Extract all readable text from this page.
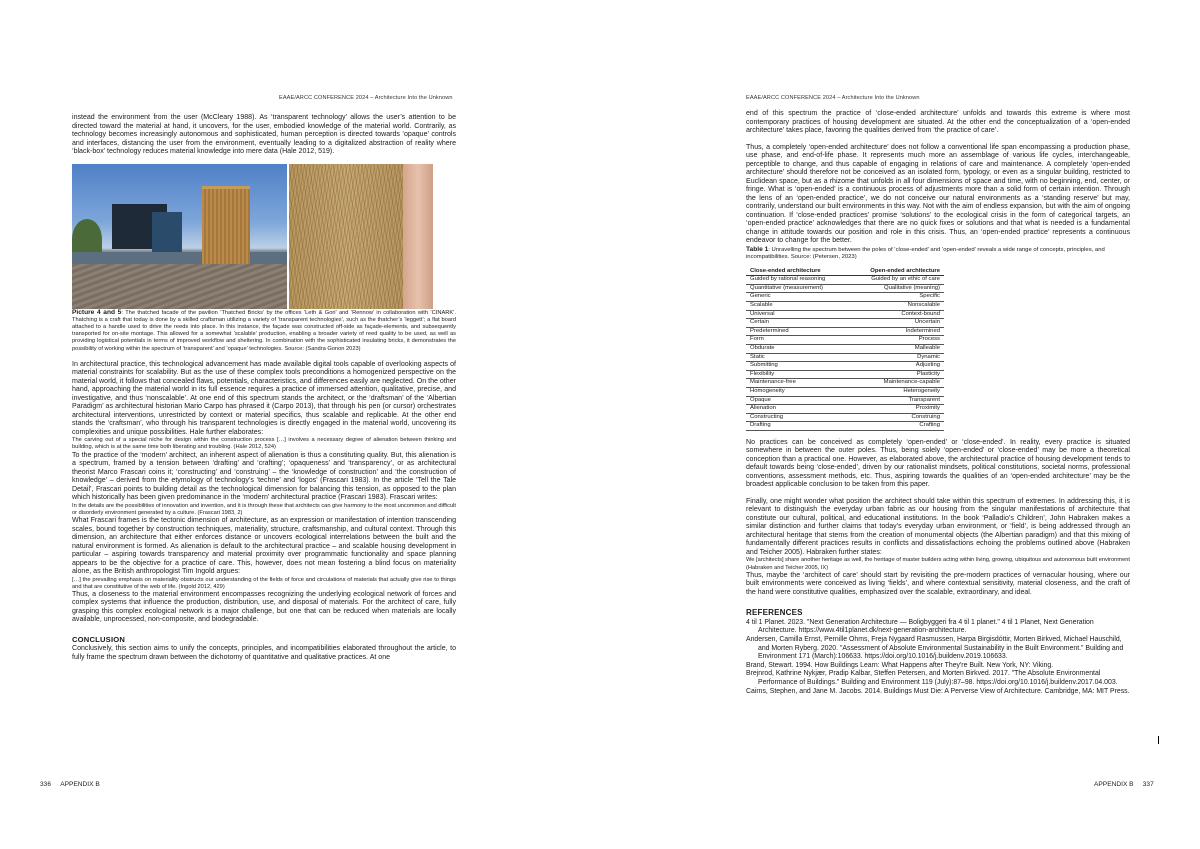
EAAE/ARCC CONFERENCE 2024 – Architecture Into the Unknown

instead the environment from the user (McCleary 1988). As ‘transparent technology’ allows the user’s attention to be directed toward the material at hand, it uncovers, for the user, embodied knowledge of the material world. Contrarily, as technology becomes increasingly autonomous and sophisticated, human perception is directed towards ‘opaque’ controls and interfaces, distancing the user from the environment, eventually leading to a digitalized abstraction of reality where ‘black-box’ technology reduces material knowledge into mere data (Hale 2012, 519).

Picture 4 and 5: The thatched facade of the pavilion ‘Thatched Bricks’ by the offices ‘Leth & Gori’ and ‘Rennow’ in collaboration with ‘CINARK’. Thatching is a craft that today is done by a skilled craftsman utilizing a variety of ‘transparent technologies’, such as the thatcher’s ‘leggett’; a flat board attached to a handle used to drive the reeds into place. In this instance, the façade was constructed off-side as façade-elements, and subsequently transported for on-site montage. This allowed for a somewhat ‘scalable’ production, enabling a broader variety of reed quality to be used, as well as providing logistical potentials in terms of improved workflow and sheltering. In combination with the sophisticated insulating bricks, it demonstrates the possibility of working within the spectrum of ‘transparent’ and ‘opaque’ technologies. Source: (Sandra Gonon 2023)

In architectural practice, this technological advancement has made available digital tools capable of overlooking aspects of material constraints for scalability. But as the use of these complex tools preconditions a homogenized perspective on the material world, it follows that concealed flaws, potentials, characteristics, and differences easily are neglected. On the other hand, approaching the material world in its full essence requires a practice of immersed attention, qualitative, precise, and investigative, and thus ‘nonscalable’. At one end of this spectrum stands the architect, or the ‘draftsman’ of the ‘Albertian Paradigm’ as architectural historian Mario Carpo has phrased it (Carpo 2013), that through his pen (or cursor) orchestrates architectural interventions, unrestricted by context or material specifics, thus scalable and replicable. At the other end stands the ‘craftsman’, who through his transparent technologies is directly engaged in the material world, uncovering its complexities and unique possibilities. Hale further elaborates:

The carving out of a special niche for design within the construction process […] involves a necessary degree of alienation between thinking and building, which is at the same time both liberating and troubling. (Hale 2012, 524)

To the practice of the ‘modern’ architect, an inherent aspect of alienation is thus a constituting quality. But, this alienation is a spectrum, framed by a tension between ‘drafting’ and ‘crafting’; ‘opaqueness’ and ‘transparency’, or as architectural theorist Marco Frascari coins it; ‘constructing’ and ‘construing’ – the ‘knowledge of construction’ and ‘the construction of knowledge’ – derived from the etymology of technology’s ‘techne’ and ‘logos’ (Frascari 1983). In the article ‘Tell the Tale Detail’, Frascari points to building detail as the technological dimension for balancing this tension, as opposed to the plan which historically has been given predominance in the ‘modern’ architectural practice (Frascari 1983). Frascari writes:

In the details are the possibilities of innovation and invention, and it is through these that architects can give harmony to the most uncommon and difficult or disorderly environment generated by a culture. (Frascari 1983, 2)

What Frascari frames is the tectonic dimension of architecture, as an expression or manifestation of intention transcending scales, bound together by construction techniques, materiality, structure, craftsmanship, and cultural context. Through this dimension, an architecture that either enforces distance or uncovers ecological interrelations between the built and the natural environment is formed. As alienation is default to the architectural practice – and scalable housing development in particular – aspiring towards transparency and material proximity over programmatic functionality and space planning appears to be the objective for a practice of care. This, however, does not mean fostering a blind focus on materiality alone, as the British anthropologist Tim Ingold argues:

[…] the prevailing emphasis on materiality obstructs our understanding of the fields of force and circulations of materials that actually give rise to things and that are constitutive of the web of life. (Ingold 2012, 429)

Thus, a closeness to the material environment encompasses recognizing the underlying ecological network of forces and complex systems that influence the production, distribution, use, and disposal of materials. For the architect of care, fully grasping this complex ecological network is a major challenge, but one that can be reduced when materials are locally available, unprocessed, non-composite, and biodegradable.

CONCLUSION

Conclusively, this section aims to unify the concepts, principles, and incompatibilities elaborated throughout the article, to fully frame the spectrum drawn between the dichotomy of quantitative and qualitative practices. At one

336 APPENDIX B
EAAE/ARCC CONFERENCE 2024 – Architecture Into the Unknown

end of this spectrum the practice of ‘close-ended architecture’ unfolds and towards this extreme is where most contemporary practices of housing development are situated. At the other end the conceptualization of a ‘open-ended architecture’ takes place, favoring the qualities derived from ‘the practice of care’.

Thus, a completely ‘open-ended architecture’ does not follow a conventional life span encompassing a production phase, use phase, and end-of-life phase. It represents much more an assemblage of various life cycles, interchangeable, perceptible to change, and thus capable of engaging in relations of care and maintenance. A completely ‘open-ended architecture’ should therefore not be conceived as an isolated form, typology, or even as a singular building, restricted to Euclidean space, but as a rhizome that unfolds in all four dimensions of space and time, with no beginning, end, center, or fringe. What is ‘open-ended’ is a continuous process of adjustments more than a solid form of certain intention. Through the lens of an ‘open-ended practice’, we do not conceive our natural environments as a ‘standing reserve’ but may, contrarily, understand our built environments in this way. Not with the aim of endless expansion, but with the aim of ongoing continuation. If ‘close-ended practices’ promise ‘solutions’ to the ecological crisis in the form of categorical targets, an ‘open-ended practice’ acknowledges that there are no quick fixes or solutions and that what is needed is a fundamental change in attitude towards our position and role in this crisis. Thus, an ‘open-ended practice’ represents a continuous endeavor to change for the better.

Table 1: Unravelling the spectrum between the poles of ‘close-ended’ and ‘open-ended’ reveals a wide range of concepts, principles, and incompatibilities. Source: (Petersen, 2023)

Close-ended architecture	Open-ended architecture
Guided by rational reasoning	Guided by an ethic of care
Quantitative (measurement)	Qualitative (meaning)
Generic	Specific
Scalable	Nonscalable
Universal	Context-bound
Certain	Uncertain
Predetermined	Indetermined
Form	Process
Obdurate	Malleable
Static	Dynamic
Submitting	Adjusting
Flexibility	Plasticity
Maintenance-free	Maintenance-capable
Homogeneity	Heterogeneity
Opaque	Transparent
Alienation	Proximity
Constructing	Construing
Drafting	Crafting

No practices can be conceived as completely ‘open-ended’ or ‘close-ended’. In reality, every practice is situated somewhere in between the outer poles. Thus, being solely ‘open-ended’ or ‘close-ended’ may be more a theoretical conception than a practical one. However, as elaborated above, the architectural practice of housing development tends to default towards being ‘close-ended’, driven by our rationalist mindsets, political constitutions, societal norms, professional conventions, assessment methods, etc. Thus, aspiring towards the qualities of an ‘open-ended architecture’ may be the broadest applicable conclusion to be taken from this paper.

Finally, one might wonder what position the architect should take within this spectrum of extremes. In addressing this, it is relevant to distinguish the everyday urban fabric as our housing from the singular manifestations of architecture that constitute our cultural, political, and educational institutions. In the book ‘Palladio’s Children’, John Habraken makes a similar distinction and further claims that today’s everyday urban environment, or ‘field’, is being addressed through an architectural heritage that stems from the creation of monumental objects (the Albertian paradigm) and that this mixing of fundamentally different practices results in conflicts and dissatisfactions echoing the problems outlined above (Habraken and Teicher 2005). Habraken further states:

We [architects] share another heritage as well, the heritage of master builders acting within living, growing, ubiquitous and autonomous built environment (Habraken and Teicher 2005, IX)

Thus, maybe the ‘architect of care’ should start by revisiting the pre-modern practices of vernacular housing, where our built environments were conceived as living ‘fields’, and where contextual sensitivity, material closeness, and the craft of the hand were constitutive qualities, emphasized over the scalable, extraordinary, and ideal.

REFERENCES

4 til 1 Planet. 2023. "Next Generation Architecture — Boligbyggeri fra 4 til 1 planet." 4 til 1 Planet, Next Generation Architecture. https://www.4til1planet.dk/next-generation-architecture.

Andersen, Camilla Ernst, Pernille Ohms, Freja Nygaard Rasmussen, Harpa Birgisdóttir, Morten Birkved, Michael Hauschild, and Morten Ryberg. 2020. "Assessment of Absolute Environmental Sustainability in the Built Environment." Building and Environment 171 (March):106633. https://doi.org/10.1016/j.buildenv.2019.106633.

Brand, Stewart. 1994. How Buildings Learn: What Happens after They're Built. New York, NY: Viking.

Brejnrod, Kathrine Nykjær, Pradip Kalbar, Steffen Petersen, and Morten Birkved. 2017. "The Absolute Environmental Performance of Buildings." Building and Environment 119 (July):87–98. https://doi.org/10.1016/j.buildenv.2017.04.003.

Cairns, Stephen, and Jane M. Jacobs. 2014. Buildings Must Die: A Perverse View of Architecture. Cambridge, MA: MIT Press.

APPENDIX B 337
